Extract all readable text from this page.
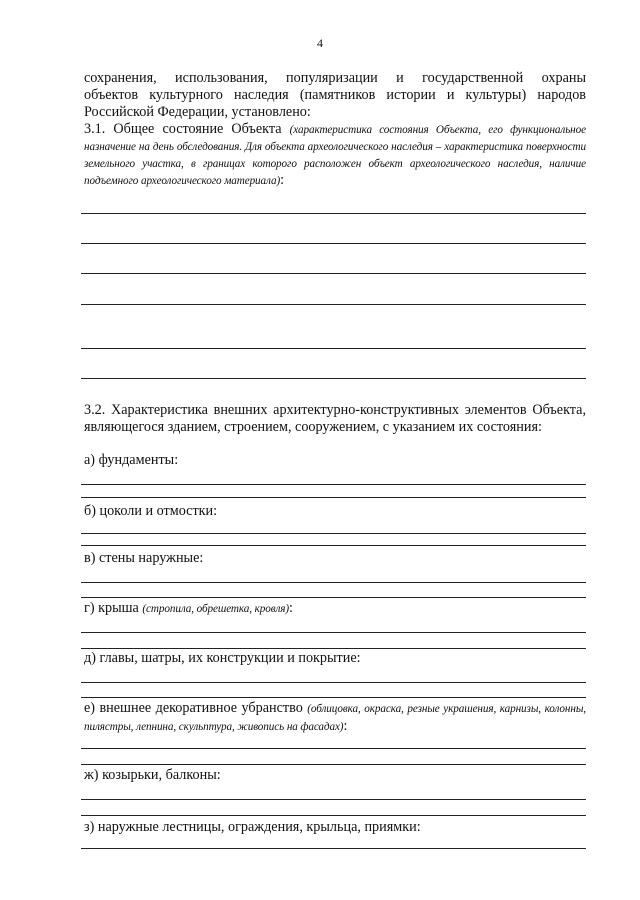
4
сохранения, использования, популяризации и государственной охраны
объектов культурного наследия (памятников истории и культуры) народов
Российской Федерации, установлено:
3.1. Общее состояние Объекта (характеристика состояния Объекта, его функциональное назначение на день обследования. Для объекта археологического наследия – характеристика поверхности земельного участка, в границах которого расположен объект археологического наследия, наличие подъемного археологического материала):
3.2. Характеристика внешних архитектурно-конструктивных элементов Объекта, являющегося зданием, строением, сооружением, с указанием их состояния:
а) фундаменты:
б) цоколи и отмостки:
в) стены наружные:
г) крыша (стропила, обрешетка, кровля):
д) главы, шатры, их конструкции и покрытие:
е) внешнее декоративное убранство (облицовка, окраска, резные украшения, карнизы, колонны, пилястры, лепнина, скульптура, живопись на фасадах):
ж) козырьки, балконы:
з) наружные лестницы, ограждения, крыльца, приямки:
